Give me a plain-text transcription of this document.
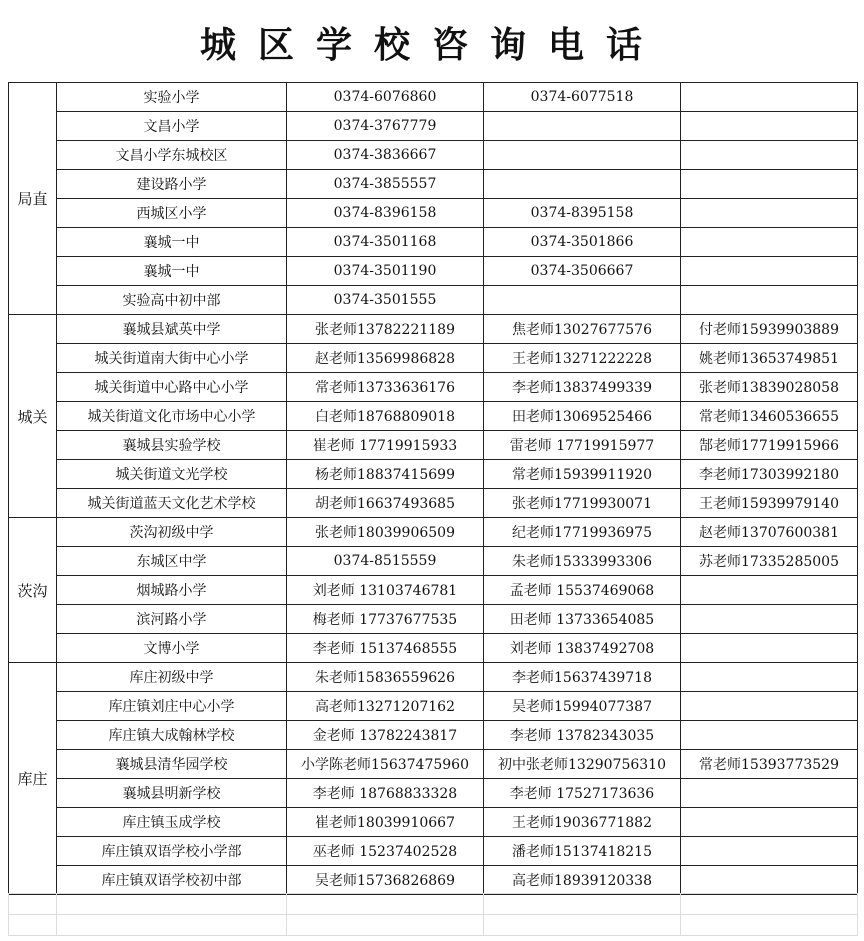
城区学校咨询电话
局直	实验小学	0374-6076860	0374-6077518	
	文昌小学	0374-3767779		
	文昌小学东城校区	0374-3836667		
	建设路小学	0374-3855557		
	西城区小学	0374-8396158	0374-8395158	
	襄城一中	0374-3501168	0374-3501866	
	襄城一中	0374-3501190	0374-3506667	
	实验高中初中部	0374-3501555		
城关	襄城县斌英中学	张老师13782221189	焦老师13027677576	付老师15939903889
	城关街道南大街中心小学	赵老师13569986828	王老师13271222228	姚老师13653749851
	城关街道中心路中心小学	常老师13733636176	李老师13837499339	张老师13839028058
	城关街道文化市场中心小学	白老师18768809018	田老师13069525466	常老师13460536655
	襄城县实验学校	崔老师 17719915933	雷老师 17719915977	郜老师17719915966
	城关街道文光学校	杨老师18837415699	常老师15939911920	李老师17303992180
	城关街道蓝天文化艺术学校	胡老师16637493685	张老师17719930071	王老师15939979140
茨沟	茨沟初级中学	张老师18039906509	纪老师17719936975	赵老师13707600381
	东城区中学	0374-8515559	朱老师15333993306	苏老师17335285005
	烟城路小学	刘老师 13103746781	孟老师 15537469068	
	滨河路小学	梅老师 17737677535	田老师 13733654085	
	文博小学	李老师 15137468555	刘老师 13837492708	
库庄	库庄初级中学	朱老师15836559626	李老师15637439718	
	库庄镇刘庄中心小学	高老师13271207162	吴老师15994077387	
	库庄镇大成翰林学校	金老师 13782243817	李老师 13782343035	
	襄城县清华园学校	小学陈老师15637475960	初中张老师13290756310	常老师15393773529
	襄城县明新学校	李老师 18768833328	李老师 17527173636	
	库庄镇玉成学校	崔老师18039910667	王老师19036771882	
	库庄镇双语学校小学部	巫老师 15237402528	潘老师15137418215	
	库庄镇双语学校初中部	吴老师15736826869	高老师18939120338	
